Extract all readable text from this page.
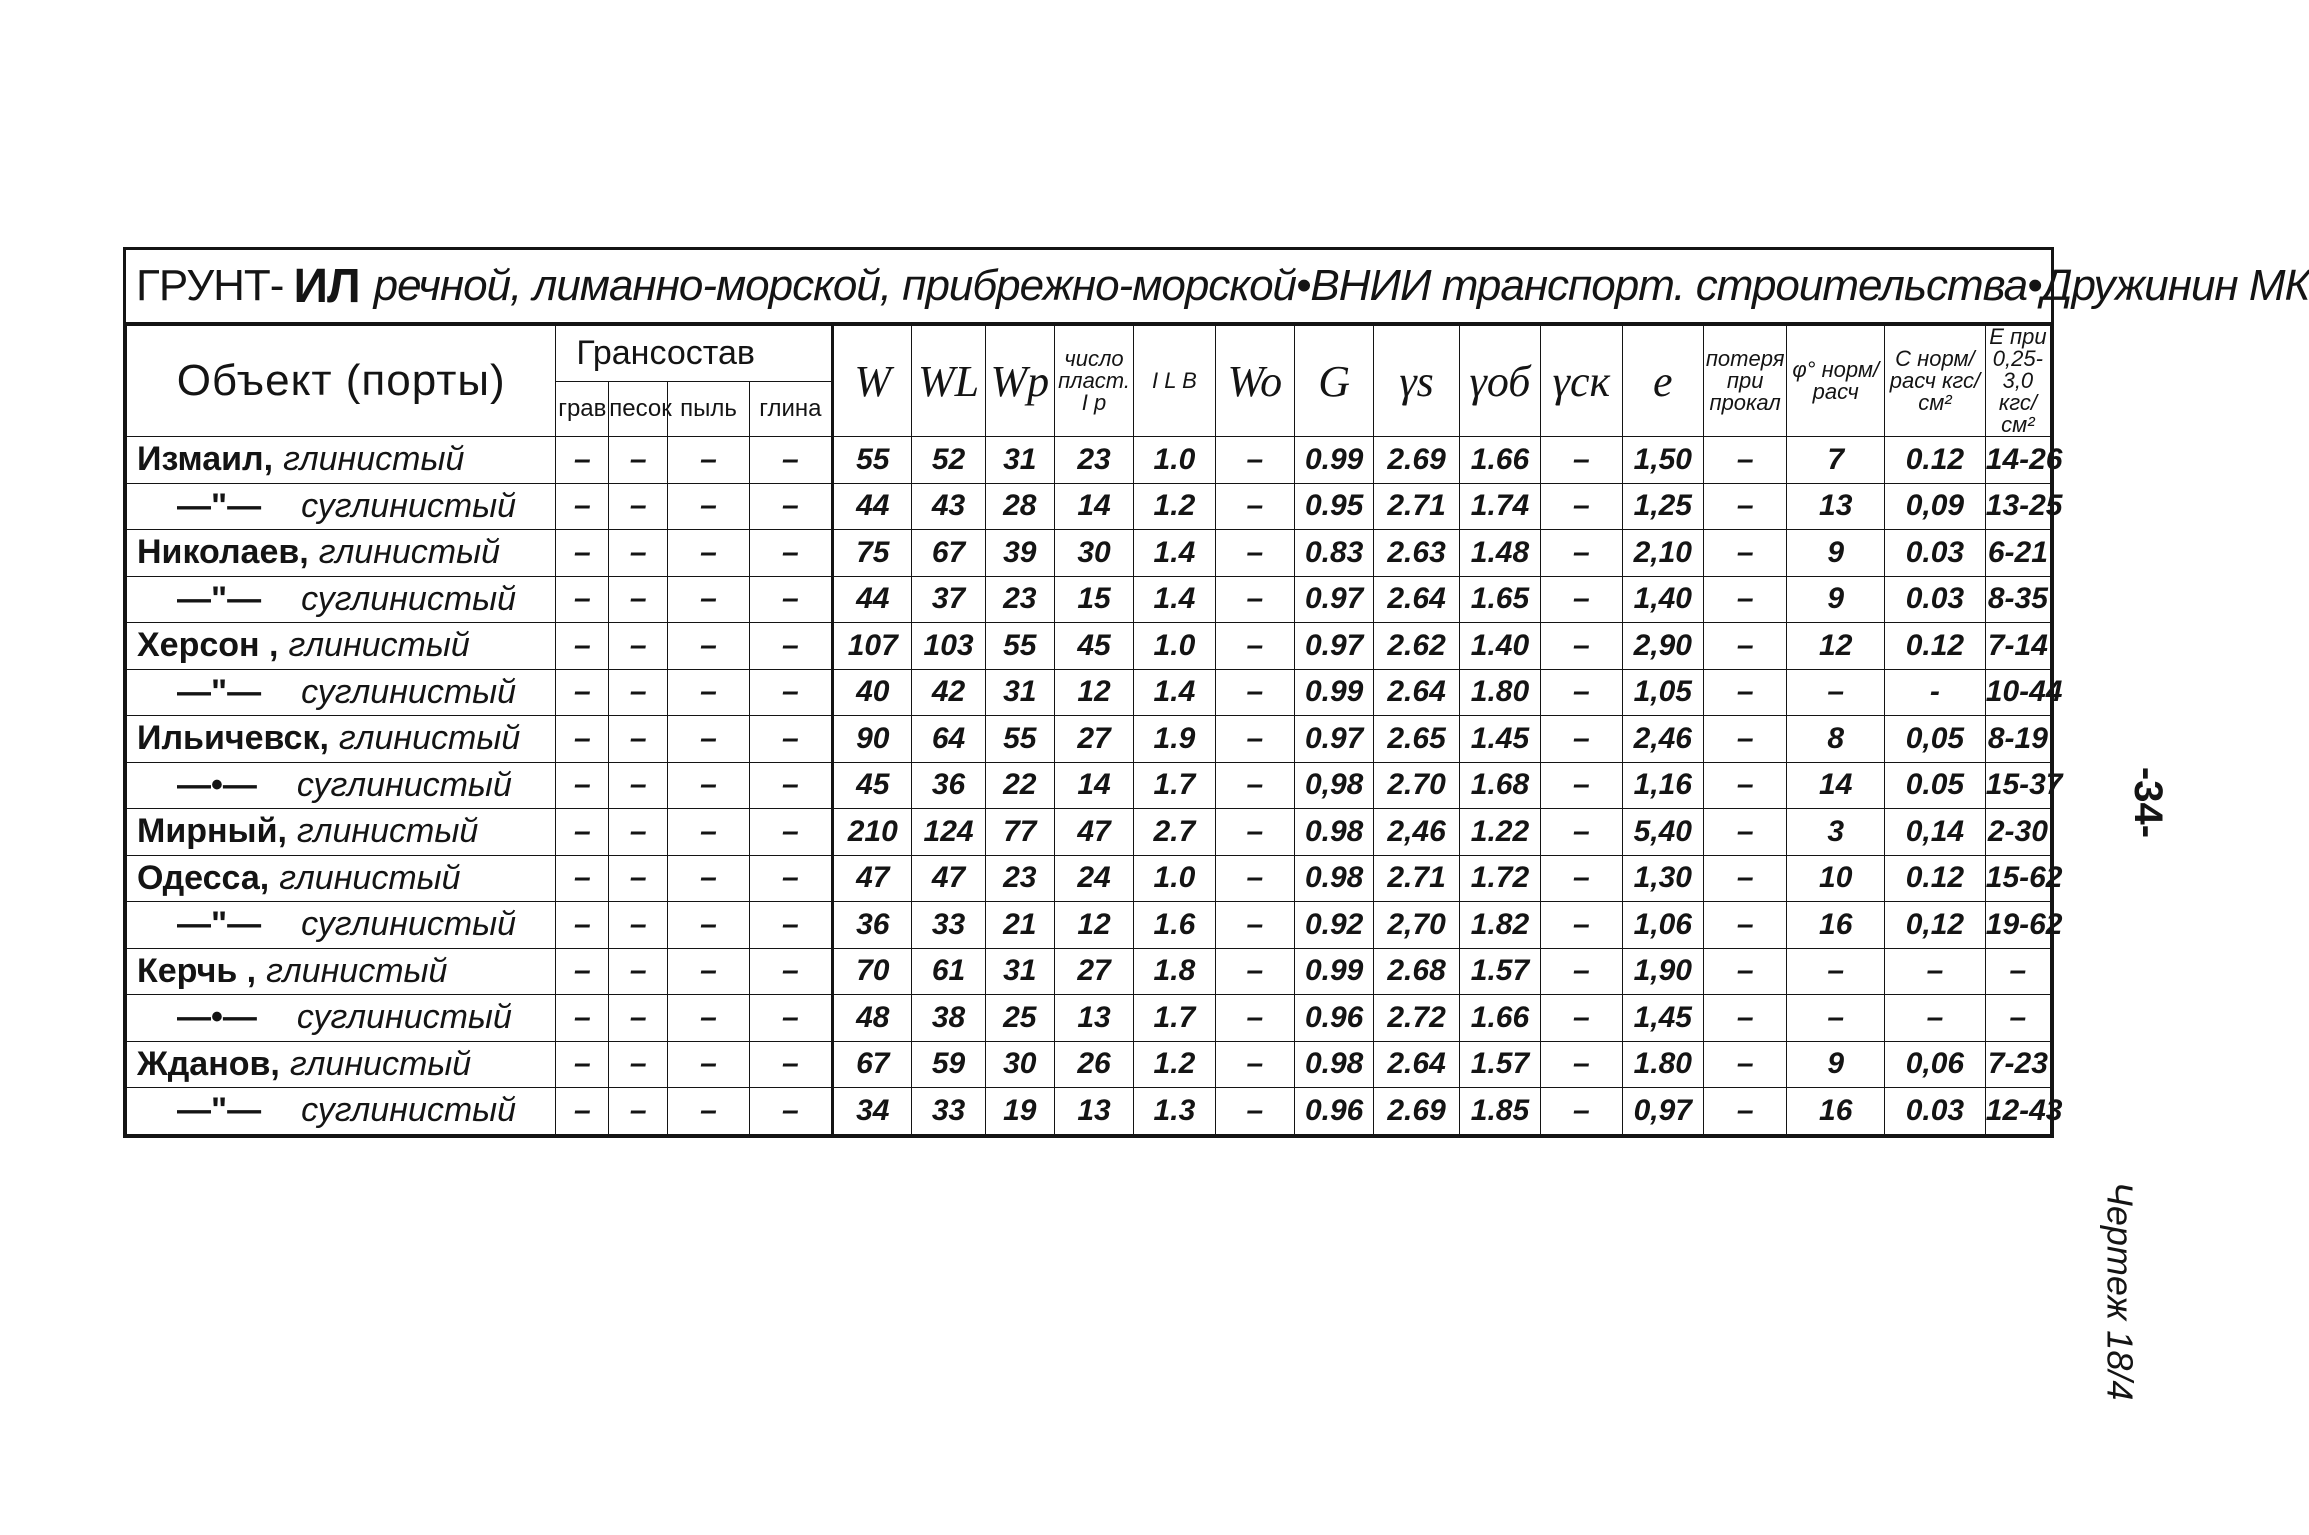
ГРУНТ- ИЛ речной, лиманно-морской, прибрежно-морской•ВНИИ транспорт. строительства•Дружинин МК
Объект (порты)	Грансостав				W	WL	Wp	число пласт. I p	I L B	Wo	G	γs	γоб	γск	e	потеря при прокал	φ° норм/расч	C норм/расч кгс/см²	E при 0,25-3,0 кгс/см²
	грав	песок	пыль	глина															
Измаил, глинистый	–	–	–	–	55	52	31	23	1.0	–	0.99	2.69	1.66	–	1,50	–	7	0.12	14-26
—"— суглинистый	–	–	–	–	44	43	28	14	1.2	–	0.95	2.71	1.74	–	1,25	–	13	0,09	13-25
Николаев, глинистый	–	–	–	–	75	67	39	30	1.4	–	0.83	2.63	1.48	–	2,10	–	9	0.03	6-21
—"— суглинистый	–	–	–	–	44	37	23	15	1.4	–	0.97	2.64	1.65	–	1,40	–	9	0.03	8-35
Херсон , глинистый	–	–	–	–	107	103	55	45	1.0	–	0.97	2.62	1.40	–	2,90	–	12	0.12	7-14
—"— суглинистый	–	–	–	–	40	42	31	12	1.4	–	0.99	2.64	1.80	–	1,05	–	–	-	10-44
Ильичевск, глинистый	–	–	–	–	90	64	55	27	1.9	–	0.97	2.65	1.45	–	2,46	–	8	0,05	8-19
—•— суглинистый	–	–	–	–	45	36	22	14	1.7	–	0,98	2.70	1.68	–	1,16	–	14	0.05	15-37
Мирный, глинистый	–	–	–	–	210	124	77	47	2.7	–	0.98	2,46	1.22	–	5,40	–	3	0,14	2-30
Одесса, глинистый	–	–	–	–	47	47	23	24	1.0	–	0.98	2.71	1.72	–	1,30	–	10	0.12	15-62
—"— суглинистый	–	–	–	–	36	33	21	12	1.6	–	0.92	2,70	1.82	–	1,06	–	16	0,12	19-62
Керчь , глинистый	–	–	–	–	70	61	31	27	1.8	–	0.99	2.68	1.57	–	1,90	–	–	–	–
—•— суглинистый	–	–	–	–	48	38	25	13	1.7	–	0.96	2.72	1.66	–	1,45	–	–	–	–
Жданов, глинистый	–	–	–	–	67	59	30	26	1.2	–	0.98	2.64	1.57	–	1.80	–	9	0,06	7-23
—"— суглинистый	–	–	–	–	34	33	19	13	1.3	–	0.96	2.69	1.85	–	0,97	–	16	0.03	12-43
-34-
Чертеж 18/4
